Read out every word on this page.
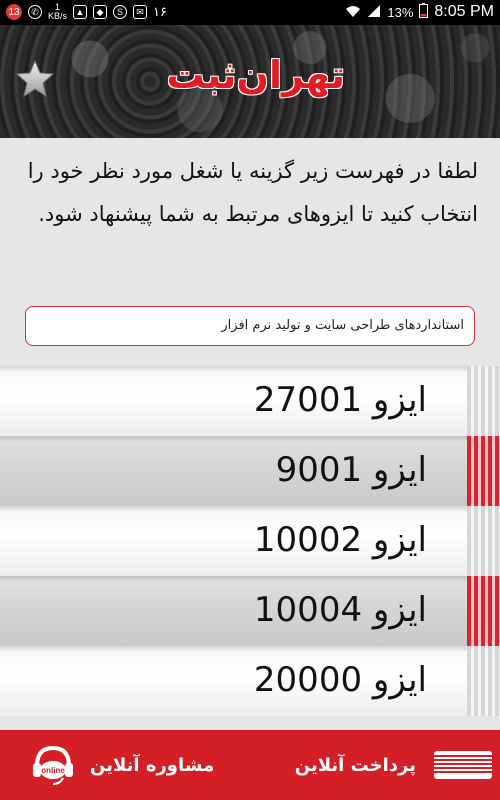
13	✆	1
KB/s ▲	◆	S	✉ ۱۶	13% 8:05 PM
تهران‌ثبت
لطفا در فهرست زیر گزینه یا شغل مورد نظر خود را انتخاب کنید تا ایزوهای مرتبط به شما پیشنهاد شود.
استانداردهای طراحی سایت و تولید نرم افزار
ایزو 27001
ایزو 9001
ایزو 10002
ایزو 10004
ایزو 20000
پرداخت آنلاین
مشاوره آنلاین
online
